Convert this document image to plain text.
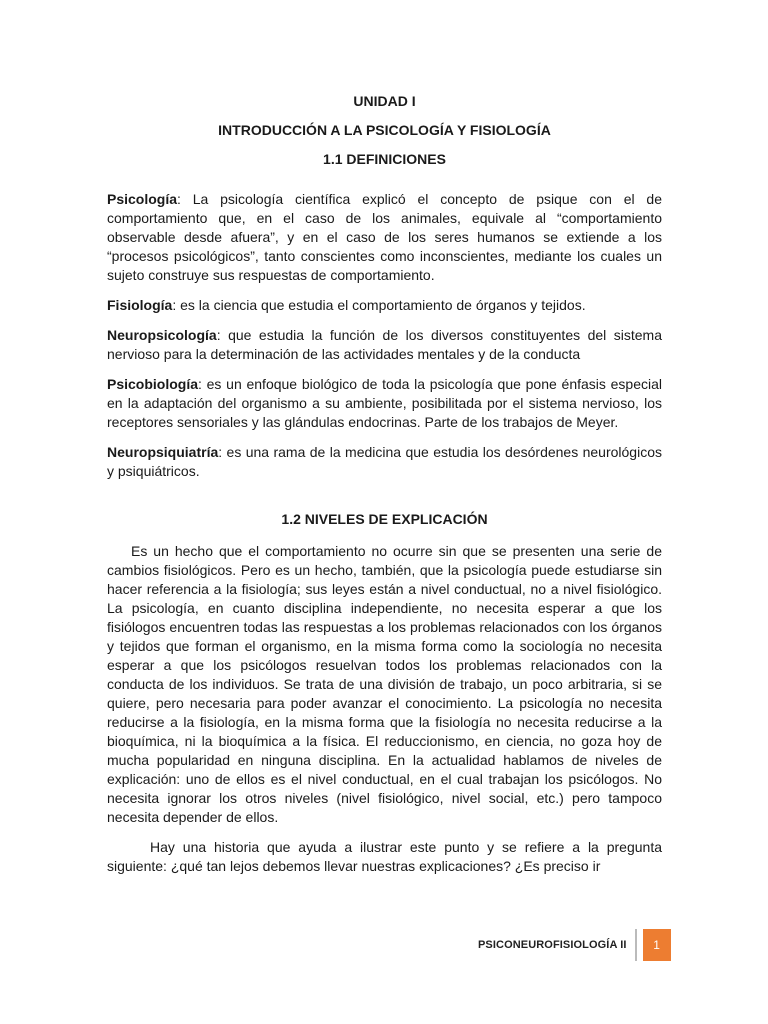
UNIDAD I

INTRODUCCIÓN A LA PSICOLOGÍA Y FISIOLOGÍA

1.1 DEFINICIONES

Psicología: La psicología científica explicó el concepto de psique con el de comportamiento que, en el caso de los animales, equivale al “comportamiento observable desde afuera”, y en el caso de los seres humanos se extiende a los “procesos psicológicos”, tanto conscientes como inconscientes, mediante los cuales un sujeto construye sus respuestas de comportamiento.

Fisiología: es la ciencia que estudia el comportamiento de órganos y tejidos.

Neuropsicología: que estudia la función de los diversos constituyentes del sistema nervioso para la determinación de las actividades mentales y de la conducta

Psicobiología: es un enfoque biológico de toda la psicología que pone énfasis especial en la adaptación del organismo a su ambiente, posibilitada por el sistema nervioso, los receptores sensoriales y las glándulas endocrinas. Parte de los trabajos de Meyer.

Neuropsiquiatría: es una rama de la medicina que estudia los desórdenes neurológicos y psiquiátricos.

1.2 NIVELES DE EXPLICACIÓN

Es un hecho que el comportamiento no ocurre sin que se presenten una serie de cambios fisiológicos. Pero es un hecho, también, que la psicología puede estudiarse sin hacer referencia a la fisiología; sus leyes están a nivel conductual, no a nivel fisiológico. La psicología, en cuanto disciplina independiente, no necesita esperar a que los fisiólogos encuentren todas las respuestas a los problemas relacionados con los órganos y tejidos que forman el organismo, en la misma forma como la sociología no necesita esperar a que los psicólogos resuelvan todos los problemas relacionados con la conducta de los individuos. Se trata de una división de trabajo, un poco arbitraria, si se quiere, pero necesaria para poder avanzar el conocimiento. La psicología no necesita reducirse a la fisiología, en la misma forma que la fisiología no necesita reducirse a la bioquímica, ni la bioquímica a la física. El reduccionismo, en ciencia, no goza hoy de mucha popularidad en ninguna disciplina. En la actualidad hablamos de niveles de explicación: uno de ellos es el nivel conductual, en el cual trabajan los psicólogos. No necesita ignorar los otros niveles (nivel fisiológico, nivel social, etc.) pero tampoco necesita depender de ellos.

Hay una historia que ayuda a ilustrar este punto y se refiere a la pregunta siguiente: ¿qué tan lejos debemos llevar nuestras explicaciones? ¿Es preciso ir

PSICONEUROFISIOLOGÍA II	1
